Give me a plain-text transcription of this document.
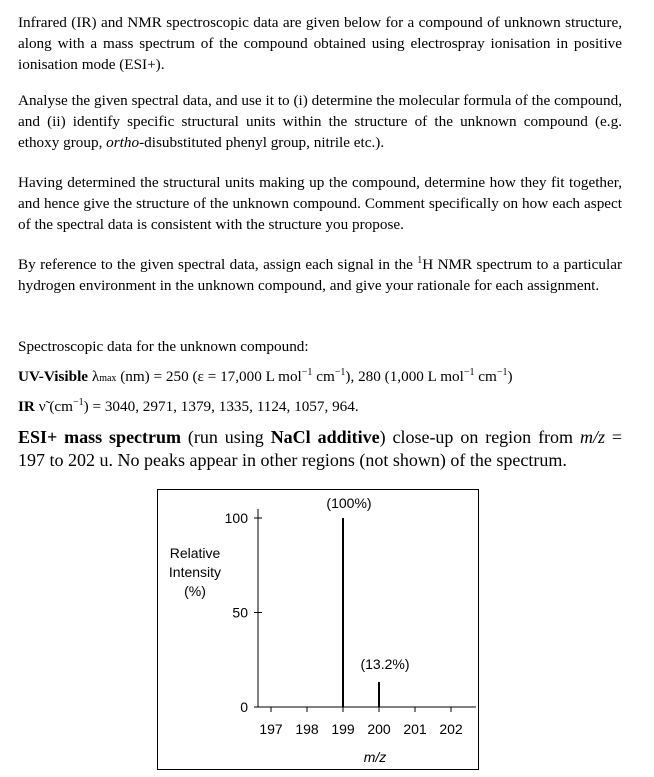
Infrared (IR) and NMR spectroscopic data are given below for a compound of unknown structure, along with a mass spectrum of the compound obtained using electrospray ionisation in positive ionisation mode (ESI+).

Analyse the given spectral data, and use it to (i) determine the molecular formula of the compound, and (ii) identify specific structural units within the structure of the unknown compound (e.g. ethoxy group, ortho-disubstituted phenyl group, nitrile etc.).

Having determined the structural units making up the compound, determine how they fit together, and hence give the structure of the unknown compound. Comment specifically on how each aspect of the spectral data is consistent with the structure you propose.

By reference to the given spectral data, assign each signal in the $^1$H NMR spectrum to a particular hydrogen environment in the unknown compound, and give your rationale for each assignment.

Spectroscopic data for the unknown compound:

UV-Visible λmax (nm) = 250 (ε = 17,000 L mol$^{-1}$ $cm^{-1}$), 280 (1,000 L mol$^{-1}$ $cm^{-1}$)

IR ν̃ $(cm^{-1}) = 3040$, 2971, 1379, 1335, 1124, 1057, 964.

ESI+ mass spectrum (run using NaCl additive) close-up on region from m/z = 197 to 202 u. No peaks appear in other regions (not shown) of the spectrum.

0
50
100
197 198 199 200 201 202
(100%)
(13.2%)
Relative
Intensity
(%)
m/z
